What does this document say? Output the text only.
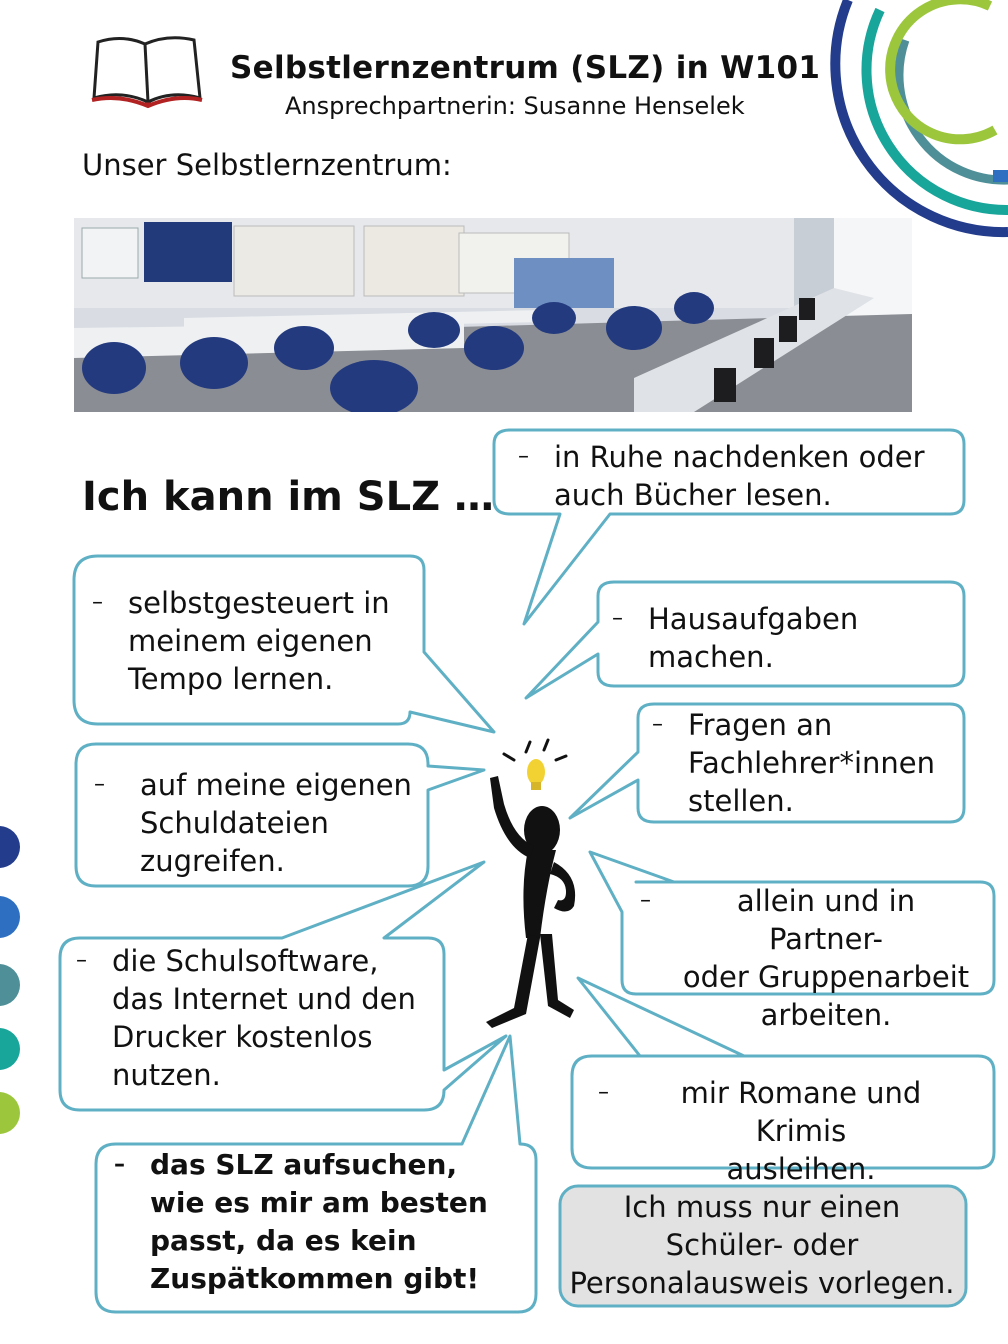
Selbstlernzentrum (SLZ) in W101
Ansprechpartnerin: Susanne Henselek
Unser Selbstlernzentrum:
Ich kann im SLZ …
– in Ruhe nachdenken oder
auch Bücher lesen.
– selbstgesteuert in
meinem eigenen
Tempo lernen.
– Hausaufgaben
machen.
– Fragen an
Fachlehrer*innen
stellen.
– auf meine eigenen
Schuldateien
zugreifen.
–	allein und in Partner-
oder Gruppenarbeit
arbeiten.
– die Schulsoftware,
das Internet und den
Drucker kostenlos
nutzen.
–	mir Romane und Krimis
ausleihen.
– das SLZ aufsuchen,
wie es mir am besten
passt, da es kein
Zuspätkommen gibt!
Ich muss nur einen
Schüler- oder
Personalausweis vorlegen.
